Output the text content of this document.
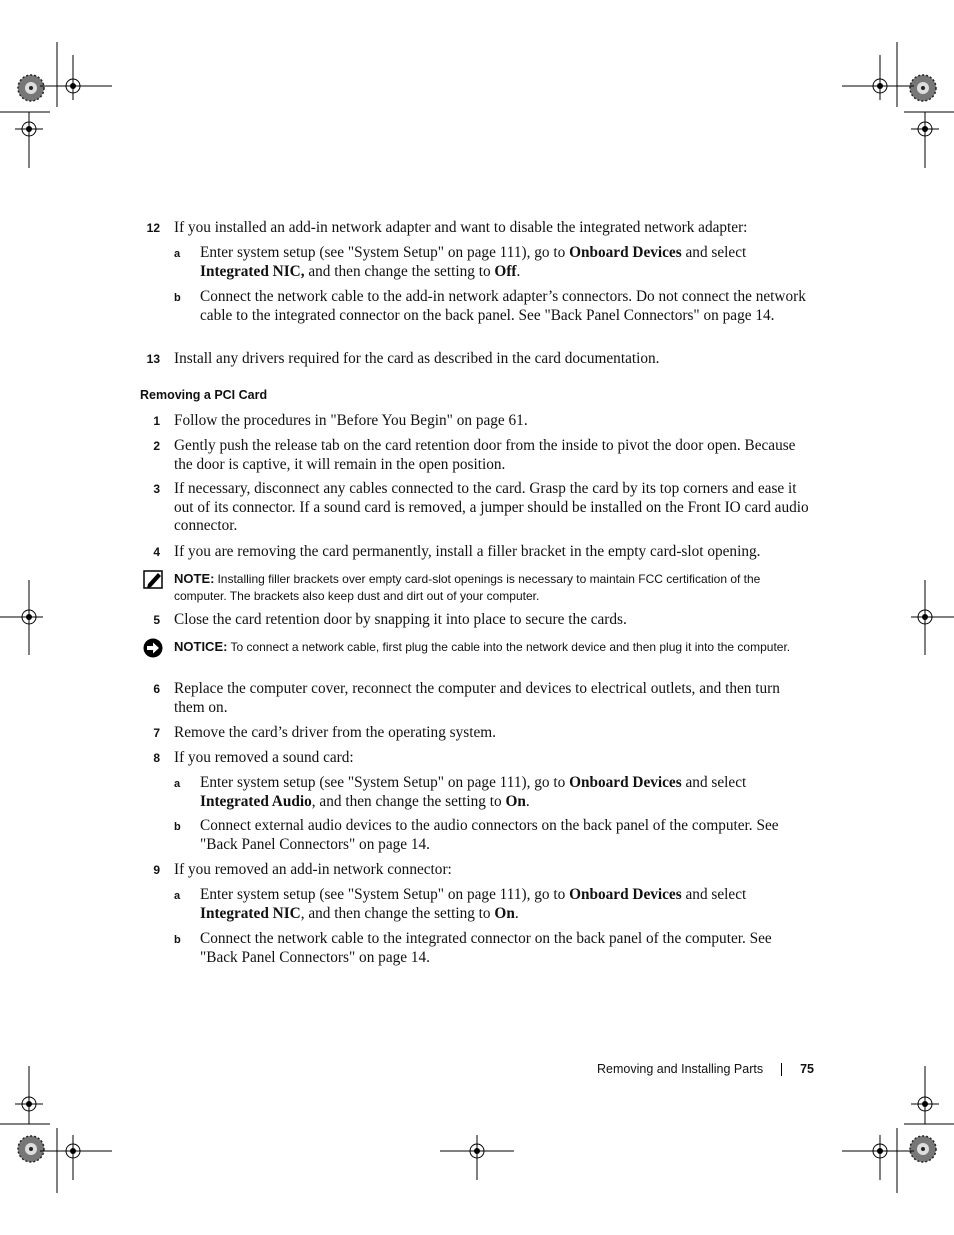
12 If you installed an add-in network adapter and want to disable the integrated network adapter:
a Enter system setup (see "System Setup" on page 111), go to Onboard Devices and select Integrated NIC, and then change the setting to Off.
b Connect the network cable to the add-in network adapter’s connectors. Do not connect the network cable to the integrated connector on the back panel. See "Back Panel Connectors" on page 14.
13 Install any drivers required for the card as described in the card documentation.
Removing a PCI Card
1 Follow the procedures in "Before You Begin" on page 61.
2 Gently push the release tab on the card retention door from the inside to pivot the door open. Because the door is captive, it will remain in the open position.
3 If necessary, disconnect any cables connected to the card. Grasp the card by its top corners and ease it out of its connector. If a sound card is removed, a jumper should be installed on the Front IO card audio connector.
4 If you are removing the card permanently, install a filler bracket in the empty card-slot opening.
NOTE: Installing filler brackets over empty card-slot openings is necessary to maintain FCC certification of the computer. The brackets also keep dust and dirt out of your computer.
5 Close the card retention door by snapping it into place to secure the cards.
NOTICE: To connect a network cable, first plug the cable into the network device and then plug it into the computer.
6 Replace the computer cover, reconnect the computer and devices to electrical outlets, and then turn them on.
7 Remove the card’s driver from the operating system.
8 If you removed a sound card:
a Enter system setup (see "System Setup" on page 111), go to Onboard Devices and select Integrated Audio, and then change the setting to On.
b Connect external audio devices to the audio connectors on the back panel of the computer. See "Back Panel Connectors" on page 14.
9 If you removed an add-in network connector:
a Enter system setup (see "System Setup" on page 111), go to Onboard Devices and select Integrated NIC, and then change the setting to On.
b Connect the network cable to the integrated connector on the back panel of the computer. See "Back Panel Connectors" on page 14.
Removing and Installing Parts	75
